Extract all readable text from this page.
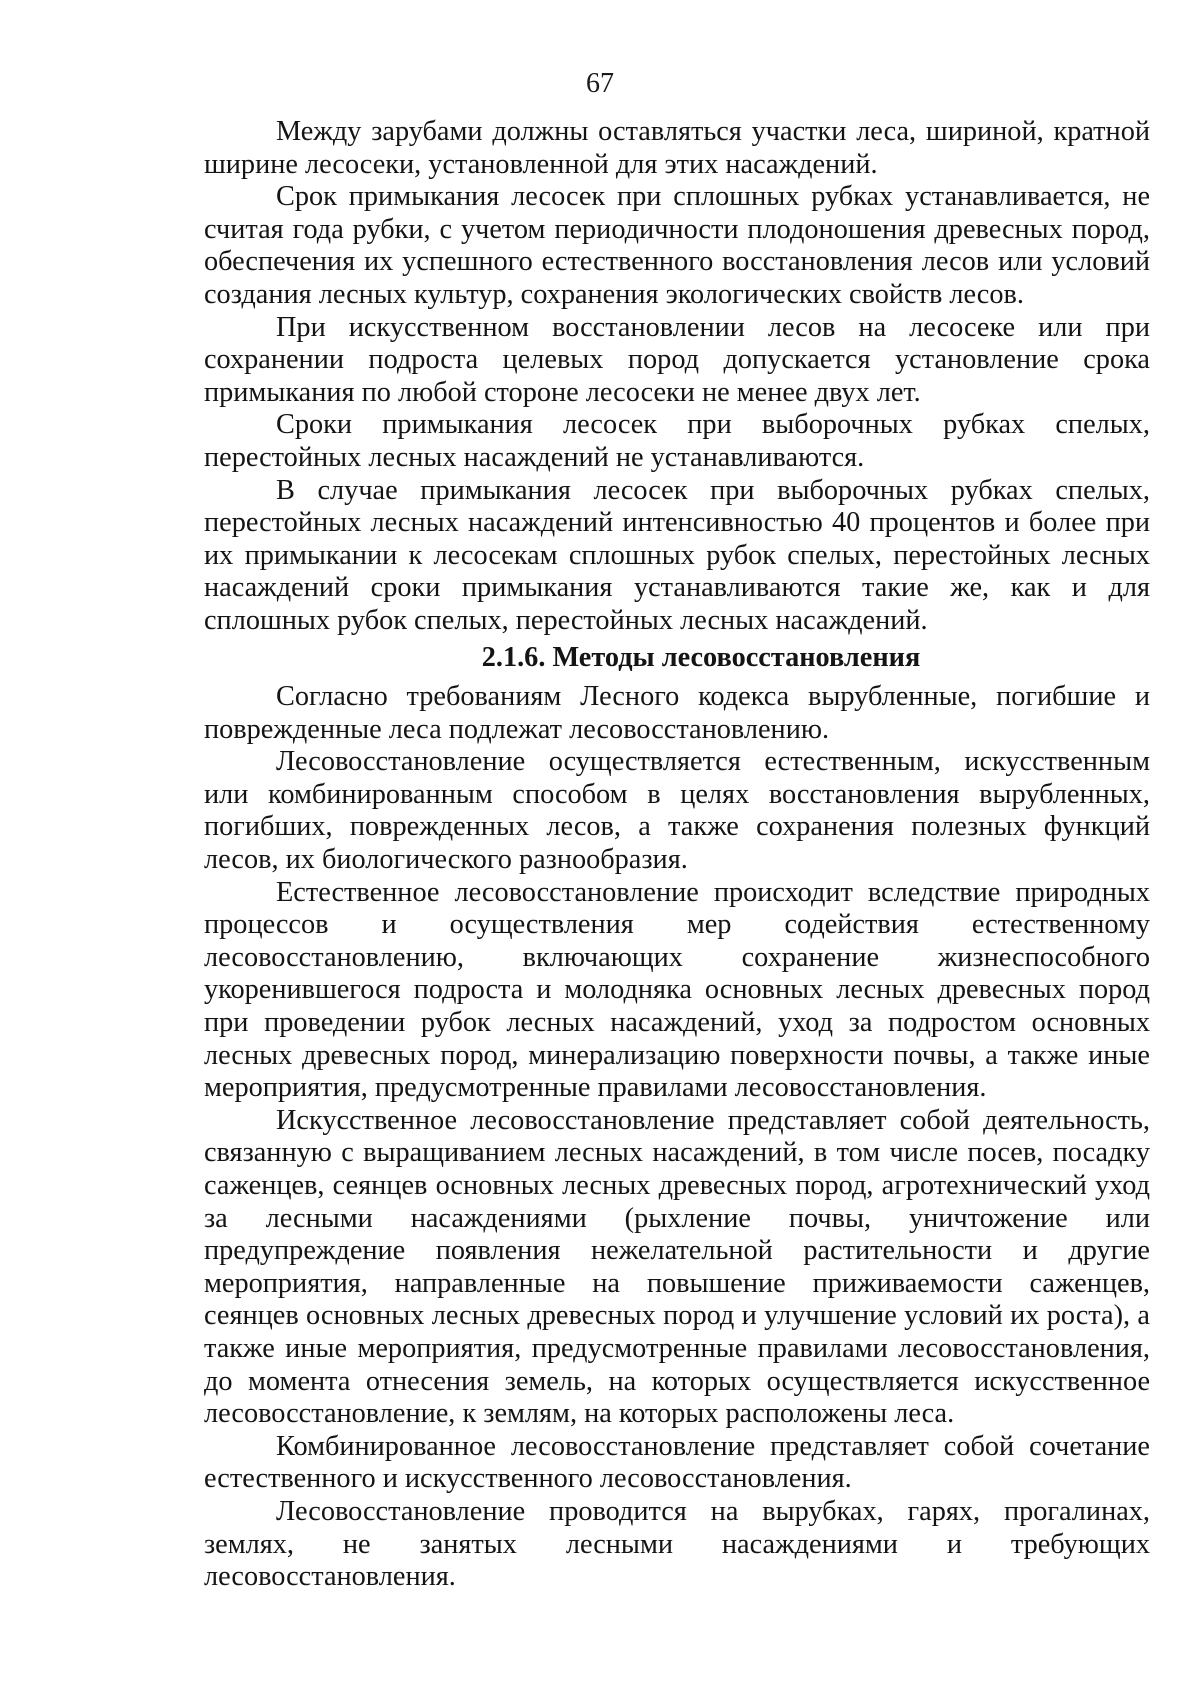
67

Между зарубами должны оставляться участки леса, шириной, кратной ширине лесосеки, установленной для этих насаждений.

Срок примыкания лесосек при сплошных рубках устанавливается, не считая года рубки, с учетом периодичности плодоношения древесных пород, обеспечения их успешного естественного восстановления лесов или условий создания лесных культур, сохранения экологических свойств лесов.

При искусственном восстановлении лесов на лесосеке или при сохранении подроста целевых пород допускается установление срока примыкания по любой стороне лесосеки не менее двух лет.

Сроки примыкания лесосек при выборочных рубках спелых, перестойных лесных насаждений не устанавливаются.

В случае примыкания лесосек при выборочных рубках спелых, перестойных лесных насаждений интенсивностью 40 процентов и более при их примыкании к лесосекам сплошных рубок спелых, перестойных лесных насаждений сроки примыкания устанавливаются такие же, как и для сплошных рубок спелых, перестойных лесных насаждений.

2.1.6. Методы лесовосстановления

Согласно требованиям Лесного кодекса вырубленные, погибшие и поврежденные леса подлежат лесовосстановлению.

Лесовосстановление осуществляется естественным, искусственным или комбинированным способом в целях восстановления вырубленных, погибших, поврежденных лесов, а также сохранения полезных функций лесов, их биологического разнообразия.

Естественное лесовосстановление происходит вследствие природных процессов и осуществления мер содействия естественному лесовосстановлению, включающих сохранение жизнеспособного укоренившегося подроста и молодняка основных лесных древесных пород при проведении рубок лесных насаждений, уход за подростом основных лесных древесных пород, минерализацию поверхности почвы, а также иные мероприятия, предусмотренные правилами лесовосстановления.

Искусственное лесовосстановление представляет собой деятельность, связанную с выращиванием лесных насаждений, в том числе посев, посадку саженцев, сеянцев основных лесных древесных пород, агротехнический уход за лесными насаждениями (рыхление почвы, уничтожение или предупреждение появления нежелательной растительности и другие мероприятия, направленные на повышение приживаемости саженцев, сеянцев основных лесных древесных пород и улучшение условий их роста), а также иные мероприятия, предусмотренные правилами лесовосстановления, до момента отнесения земель, на которых осуществляется искусственное лесовосстановление, к землям, на которых расположены леса.

Комбинированное лесовосстановление представляет собой сочетание естественного и искусственного лесовосстановления.

Лесовосстановление проводится на вырубках, гарях, прогалинах, землях, не занятых лесными насаждениями и требующих лесовосстановления.
